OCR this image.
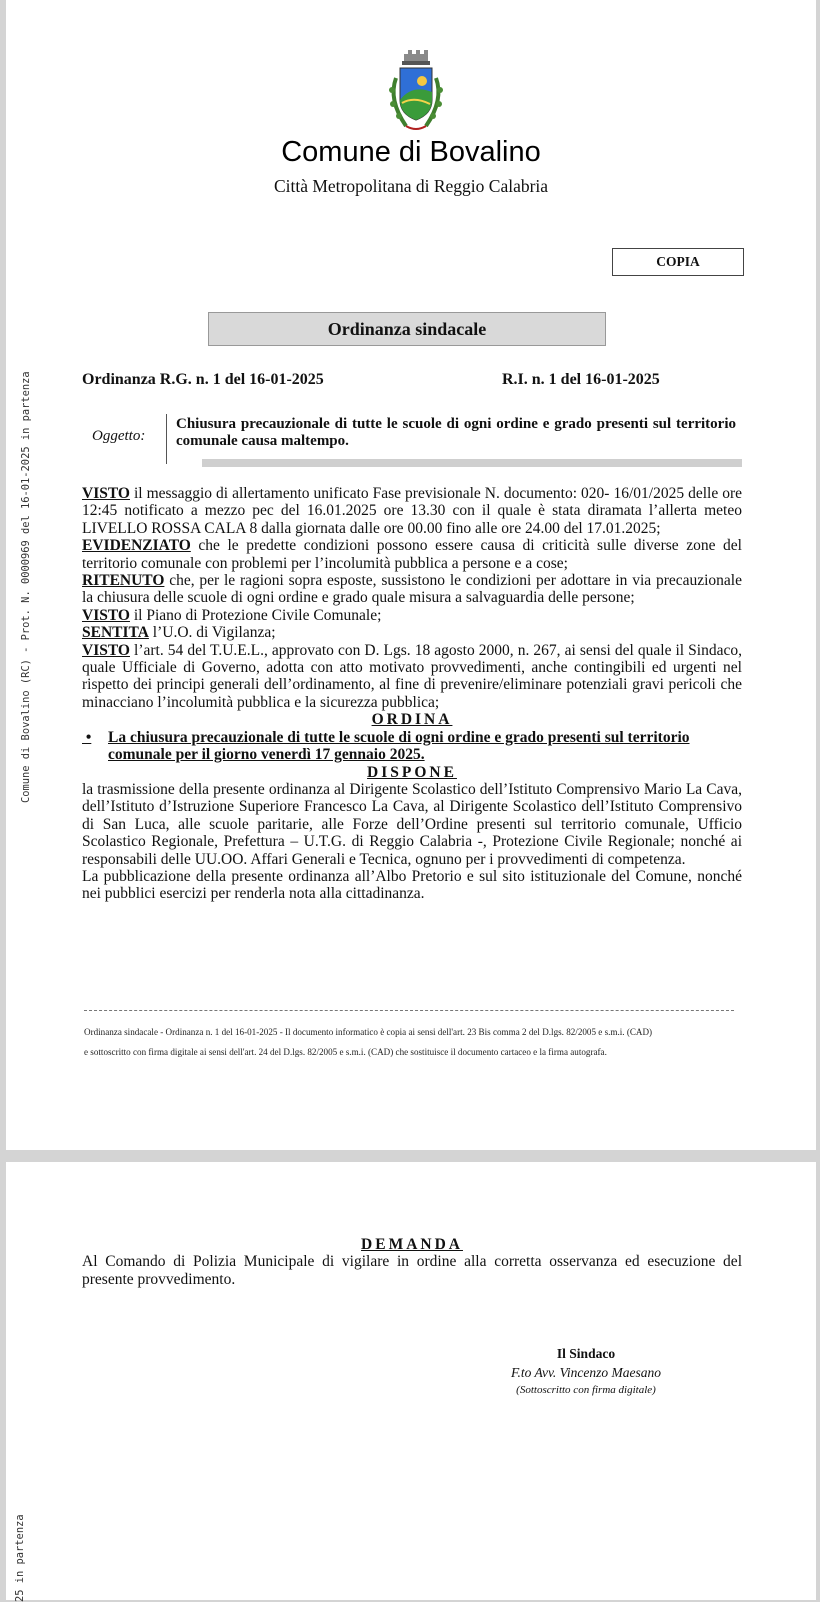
Comune di Bovalino (RC) - Prot. N. 0000969 del 16-01-2025 in partenza
Comune di Bovalino
Città Metropolitana di Reggio Calabria
COPIA
Ordinanza sindacale
Ordinanza R.G. n. 1 del 16-01-2025	R.I. n. 1 del 16-01-2025
Oggetto:
Chiusura precauzionale di tutte le scuole di ogni ordine e grado presenti sul territorio comunale causa maltempo.

VISTO il messaggio di allertamento unificato Fase previsionale N. documento: 020- 16/01/2025 delle ore 12:45 notificato a mezzo pec del 16.01.2025 ore 13.30 con il quale è stata diramata l’allerta meteo LIVELLO ROSSA CALA 8 dalla giornata dalle ore 00.00 fino alle ore 24.00 del 17.01.2025;

EVIDENZIATO che le predette condizioni possono essere causa di criticità sulle diverse zone del territorio comunale con problemi per l’incolumità pubblica a persone e a cose;

RITENUTO che, per le ragioni sopra esposte, sussistono le condizioni per adottare in via precauzionale la chiusura delle scuole di ogni ordine e grado quale misura a salvaguardia delle persone;

VISTO il Piano di Protezione Civile Comunale;

SENTITA l’U.O. di Vigilanza;

VISTO l’art. 54 del T.U.E.L., approvato con D. Lgs. 18 agosto 2000, n. 267, ai sensi del quale il Sindaco, quale Ufficiale di Governo, adotta con atto motivato provvedimenti, anche contingibili ed urgenti nel rispetto dei principi generali dell’ordinamento, al fine di prevenire/eliminare potenziali gravi pericoli che minacciano l’incolumità pubblica e la sicurezza pubblica;

ORDINA

•	La chiusura precauzionale di tutte le scuole di ogni ordine e grado presenti sul territorio comunale per il giorno venerdì 17 gennaio 2025.

DISPONE

la trasmissione della presente ordinanza al Dirigente Scolastico dell’Istituto Comprensivo Mario La Cava, dell’Istituto d’Istruzione Superiore Francesco La Cava, al Dirigente Scolastico dell’Istituto Comprensivo di San Luca, alle scuole paritarie, alle Forze dell’Ordine presenti sul territorio comunale, Ufficio Scolastico Regionale, Prefettura – U.T.G. di Reggio Calabria -, Protezione Civile Regionale; nonché ai responsabili delle UU.OO. Affari Generali e Tecnica, ognuno per i provvedimenti di competenza.

La pubblicazione della presente ordinanza all’Albo Pretorio e sul sito istituzionale del Comune, nonché nei pubblici esercizi per renderla nota alla cittadinanza.

Ordinanza sindacale - Ordinanza n. 1 del 16-01-2025 - Il documento informatico è copia ai sensi dell'art. 23 Bis comma 2 del D.lgs. 82/2005 e s.m.i. (CAD)
e sottoscritto con firma digitale ai sensi dell'art. 24 del D.lgs. 82/2005 e s.m.i. (CAD) che sostituisce il documento cartaceo e la firma autografa.

DEMANDA

Al Comando di Polizia Municipale di vigilare in ordine alla corretta osservanza ed esecuzione del presente provvedimento.

Il Sindaco
F.to Avv. Vincenzo Maesano
(Sottoscritto con firma digitale)
25 in partenza
